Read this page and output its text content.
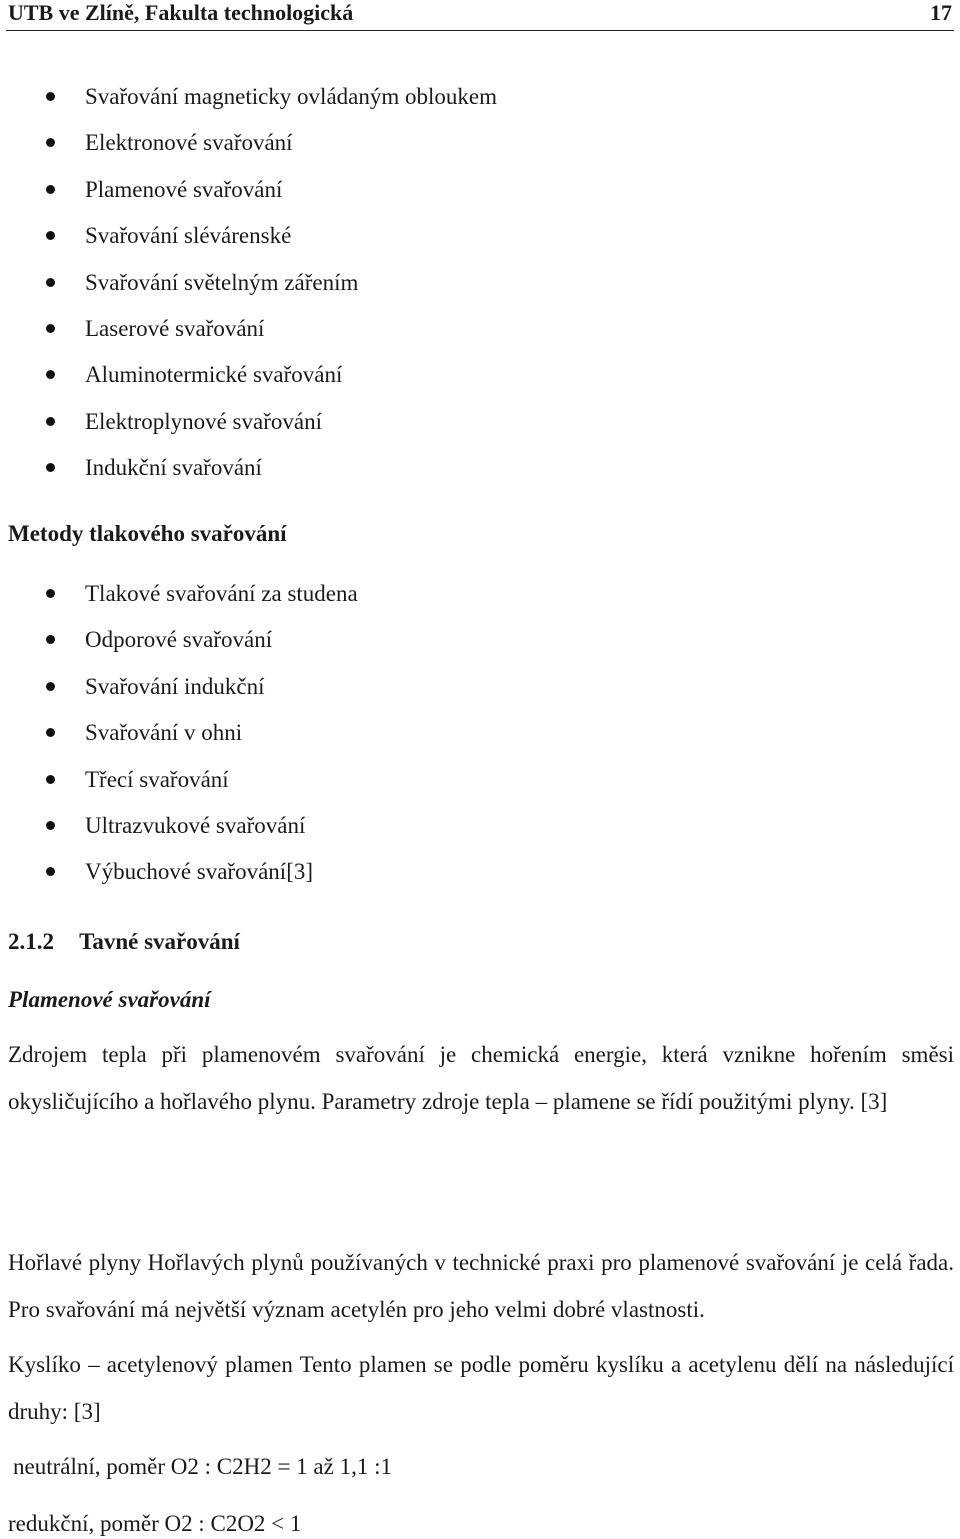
UTB ve Zlíně, Fakulta technologická	17
Svařování magneticky ovládaným obloukem
Elektronové svařování
Plamenové svařování
Svařování slévárenské
Svařování světelným zářením
Laserové svařování
Aluminotermické svařování
Elektroplynové svařování
Indukční svařování
Metody tlakového svařování
Tlakové svařování za studena
Odporové svařování
Svařování indukční
Svařování v ohni
Třecí svařování
Ultrazvukové svařování
Výbuchové svařování[3]
2.1.2 Tavné svařování
Plamenové svařování
Zdrojem tepla při plamenovém svařování je chemická energie, která vznikne hořením směsi okysličujícího a hořlavého plynu. Parametry zdroje tepla – plamene se řídí použitými plyny. [3]
Hořlavé plyny Hořlavých plynů používaných v technické praxi pro plamenové svařování je celá řada. Pro svařování má největší význam acetylén pro jeho velmi dobré vlastnosti.
Kyslíko – acetylenový plamen Tento plamen se podle poměru kyslíku a acetylenu dělí na následující druhy: [3]
neutrální, poměr O2 : C2H2 = 1 až 1,1 :1
redukční, poměr O2 : C2O2 < 1
